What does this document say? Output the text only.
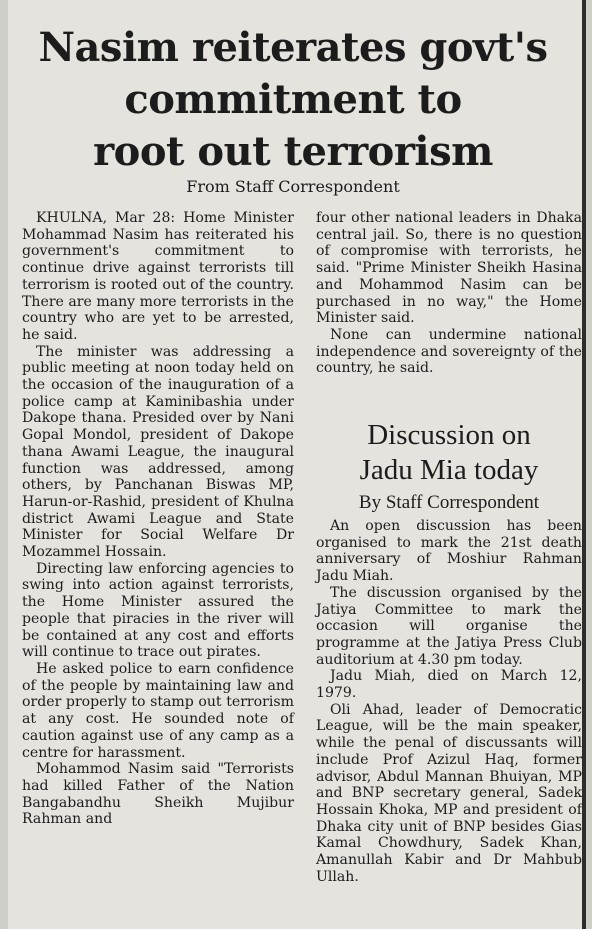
Nasim reiterates govt's
commitment to
root out terrorism
From Staff Correspondent

KHULNA, Mar 28: Home Minister Mohammad Nasim has reiterated his government's commitment to continue drive against terrorists till terrorism is rooted out of the country. There are many more terrorists in the country who are yet to be arrested, he said.

The minister was addressing a public meeting at noon today held on the occasion of the inauguration of a police camp at Kaminibashia under Dakope thana. Presided over by Nani Gopal Mondol, president of Dakope thana Awami League, the inaugural function was addressed, among others, by Panchanan Biswas MP, Harun-or-Rashid, president of Khulna district Awami League and State Minister for Social Welfare Dr Mozammel Hossain.

Directing law enforcing agencies to swing into action against terrorists, the Home Minister assured the people that piracies in the river will be contained at any cost and efforts will continue to trace out pirates.

He asked police to earn confidence of the people by maintaining law and order properly to stamp out terrorism at any cost. He sounded note of caution against use of any camp as a centre for harassment.

Mohammod Nasim said "Terrorists had killed Father of the Nation Bangabandhu Sheikh Mujibur Rahman and

four other national leaders in Dhaka central jail. So, there is no question of compromise with terrorists, he said. "Prime Minister Sheikh Hasina and Mohammod Nasim can be purchased in no way," the Home Minister said.

None can undermine national independence and sovereignty of the country, he said.

Discussion on
Jadu Mia today
By Staff Correspondent

An open discussion has been organised to mark the 21st death anniversary of Moshiur Rahman Jadu Miah.

The discussion organised by the Jatiya Committee to mark the occasion will organise the programme at the Jatiya Press Club auditorium at 4.30 pm today.

Jadu Miah, died on March 12, 1979.

Oli Ahad, leader of Democratic League, will be the main speaker, while the penal of discussants will include Prof Azizul Haq, former advisor, Abdul Mannan Bhuiyan, MP and BNP secretary general, Sadek Hossain Khoka, MP and president of Dhaka city unit of BNP besides Gias Kamal Chowdhury, Sadek Khan, Amanullah Kabir and Dr Mahbub Ullah.
